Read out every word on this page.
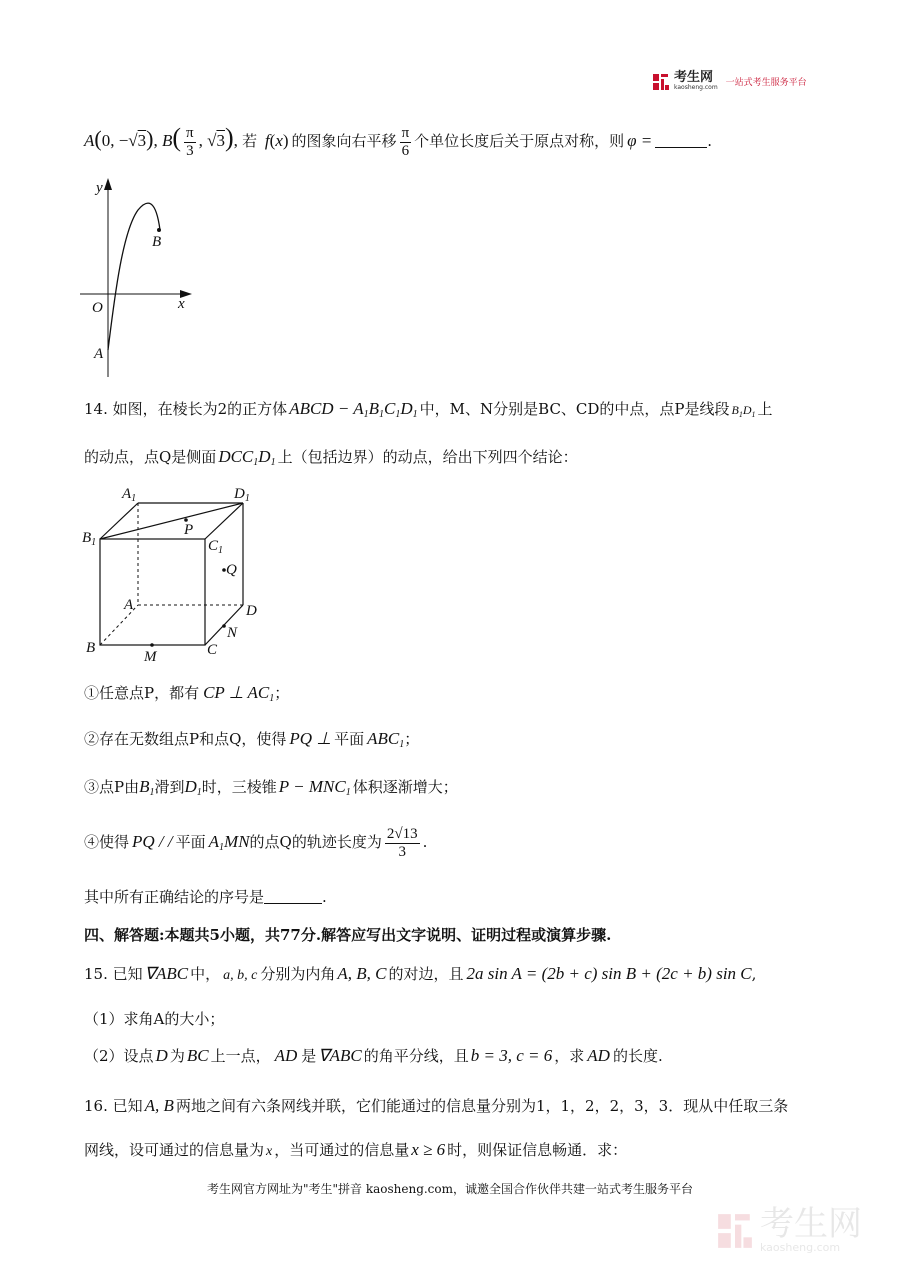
考生网
kaosheng.com 一站式考生服务平台
A(0, −√3), $B( \frac{\pi}{3}$ , √3), 若 f(x) 的图象向右平移 $\frac{\pi}{6}$ 个单位长度后关于原点对称，则 φ =	.
y
x
O
A
B
14. 如图，在棱长为2的正方体 ABCD − $A_1B_1C_1D_1$ 中，M、N分别是BC、CD的中点，点P是线段 $B_1D_1$ 上
的动点，点Q是侧面 $DCC_1D_1$ 上（包括边界）的动点，给出下列四个结论：
$A_1$	$D_1$
$B_1$	$C_1$
P
Q
A	D
B	C
M
N
①任意点P，都有 CP ⊥ $AC_1$；
②存在无数组点P和点Q，使得 PQ ⊥ 平面 $ABC_1$；
③点P由$B_1$滑到$D_1$时，三棱锥 $P - MNC_1$ 体积逐渐增大；
④使得 PQ / / 平面 $A_1MN$的点Q的轨迹长度为 $\frac{2√13}{3}$ .
其中所有正确结论的序号是	.
四、解答题:本题共5小题，共77分.解答应写出文字说明、证明过程或演算步骤.
15. 已知 ∇ABC 中， a, b, c 分别为内角 A, B, C 的对边，且 2a sin A = (2b + c) sin B + (2c + b) sin C,
（1）求角A的大小；
（2）设点 D 为 BC 上一点， AD 是 ∇ABC 的角平分线，且 b = 3, c = 6 ，求 AD 的长度.
16. 已知 A, B 两地之间有六条网线并联，它们能通过的信息量分别为1，1，2，2，3，3．现从中任取三条
网线，设可通过的信息量为 x ，当可通过的信息量 x ≥ 6 时，则保证信息畅通．求：
考生网官方网址为"考生"拼音 kaosheng.com，诚邀全国合作伙伴共建一站式考生服务平台
考生网
kaosheng.com
